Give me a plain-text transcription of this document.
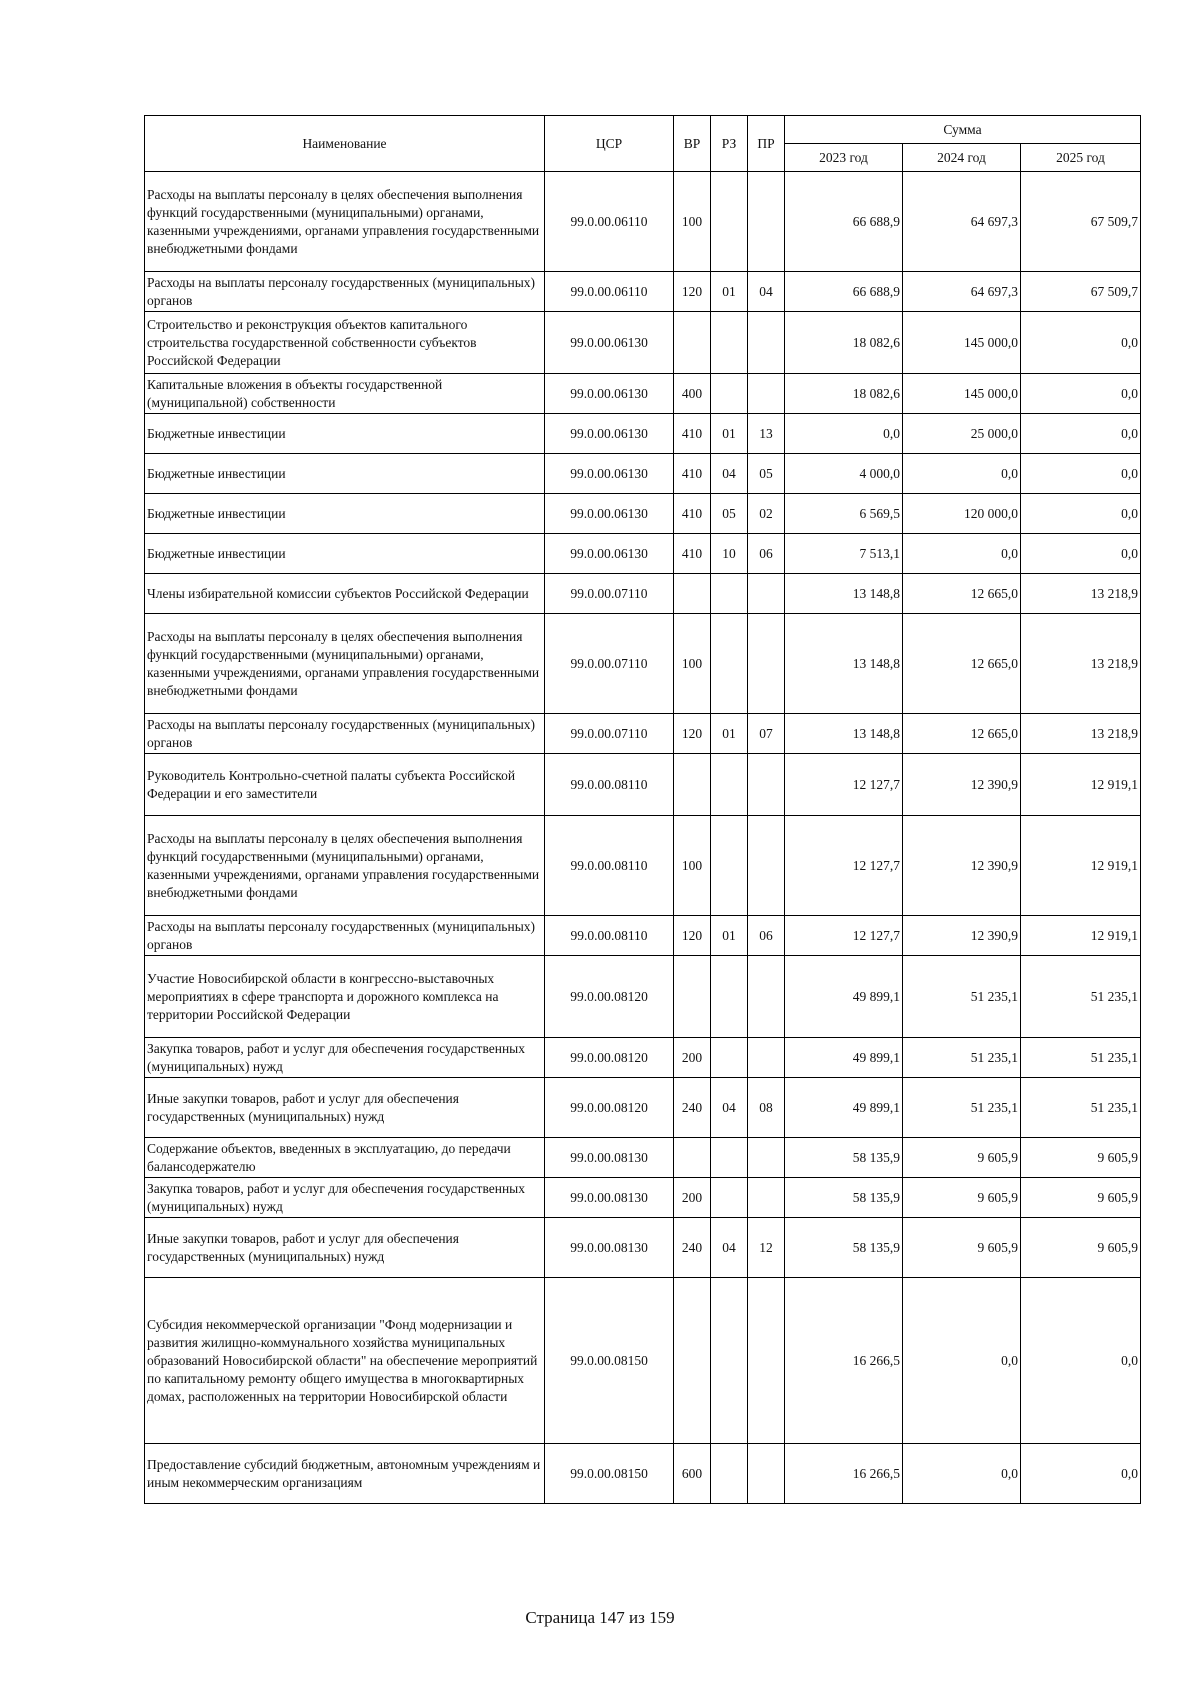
Наименование	ЦСР	ВР	РЗ	ПР	Сумма		
					2023 год	2024 год	2025 год
Расходы на выплаты персоналу в целях обеспечения выполнения функций государственными (муниципальными) органами, казенными учреждениями, органами управления государственными внебюджетными фондами	99.0.00.06110	100			66 688,9	64 697,3	67 509,7
Расходы на выплаты персоналу государственных (муниципальных) органов	99.0.00.06110	120	01	04	66 688,9	64 697,3	67 509,7
Строительство и реконструкция объектов капитального строительства государственной собственности субъектов Российской Федерации	99.0.00.06130				18 082,6	145 000,0	0,0
Капитальные вложения в объекты государственной (муниципальной) собственности	99.0.00.06130	400			18 082,6	145 000,0	0,0
Бюджетные инвестиции	99.0.00.06130	410	01	13	0,0	25 000,0	0,0
Бюджетные инвестиции	99.0.00.06130	410	04	05	4 000,0	0,0	0,0
Бюджетные инвестиции	99.0.00.06130	410	05	02	6 569,5	120 000,0	0,0
Бюджетные инвестиции	99.0.00.06130	410	10	06	7 513,1	0,0	0,0
Члены избирательной комиссии субъектов Российской Федерации	99.0.00.07110				13 148,8	12 665,0	13 218,9
Расходы на выплаты персоналу в целях обеспечения выполнения функций государственными (муниципальными) органами, казенными учреждениями, органами управления государственными внебюджетными фондами	99.0.00.07110	100			13 148,8	12 665,0	13 218,9
Расходы на выплаты персоналу государственных (муниципальных) органов	99.0.00.07110	120	01	07	13 148,8	12 665,0	13 218,9
Руководитель Контрольно-счетной палаты субъекта Российской Федерации и его заместители	99.0.00.08110				12 127,7	12 390,9	12 919,1
Расходы на выплаты персоналу в целях обеспечения выполнения функций государственными (муниципальными) органами, казенными учреждениями, органами управления государственными внебюджетными фондами	99.0.00.08110	100			12 127,7	12 390,9	12 919,1
Расходы на выплаты персоналу государственных (муниципальных) органов	99.0.00.08110	120	01	06	12 127,7	12 390,9	12 919,1
Участие Новосибирской области в конгрессно-выставочных мероприятиях в сфере транспорта и дорожного комплекса на территории Российской Федерации	99.0.00.08120				49 899,1	51 235,1	51 235,1
Закупка товаров, работ и услуг для обеспечения государственных (муниципальных) нужд	99.0.00.08120	200			49 899,1	51 235,1	51 235,1
Иные закупки товаров, работ и услуг для обеспечения государственных (муниципальных) нужд	99.0.00.08120	240	04	08	49 899,1	51 235,1	51 235,1
Содержание объектов, введенных в эксплуатацию, до передачи балансодержателю	99.0.00.08130				58 135,9	9 605,9	9 605,9
Закупка товаров, работ и услуг для обеспечения государственных (муниципальных) нужд	99.0.00.08130	200			58 135,9	9 605,9	9 605,9
Иные закупки товаров, работ и услуг для обеспечения государственных (муниципальных) нужд	99.0.00.08130	240	04	12	58 135,9	9 605,9	9 605,9
Субсидия некоммерческой организации "Фонд модернизации и развития жилищно-коммунального хозяйства муниципальных образований Новосибирской области" на обеспечение мероприятий по капитальному ремонту общего имущества в многоквартирных домах, расположенных на территории Новосибирской области	99.0.00.08150				16 266,5	0,0	0,0
Предоставление субсидий бюджетным, автономным учреждениям и иным некоммерческим организациям	99.0.00.08150	600			16 266,5	0,0	0,0
Страница 147 из 159
